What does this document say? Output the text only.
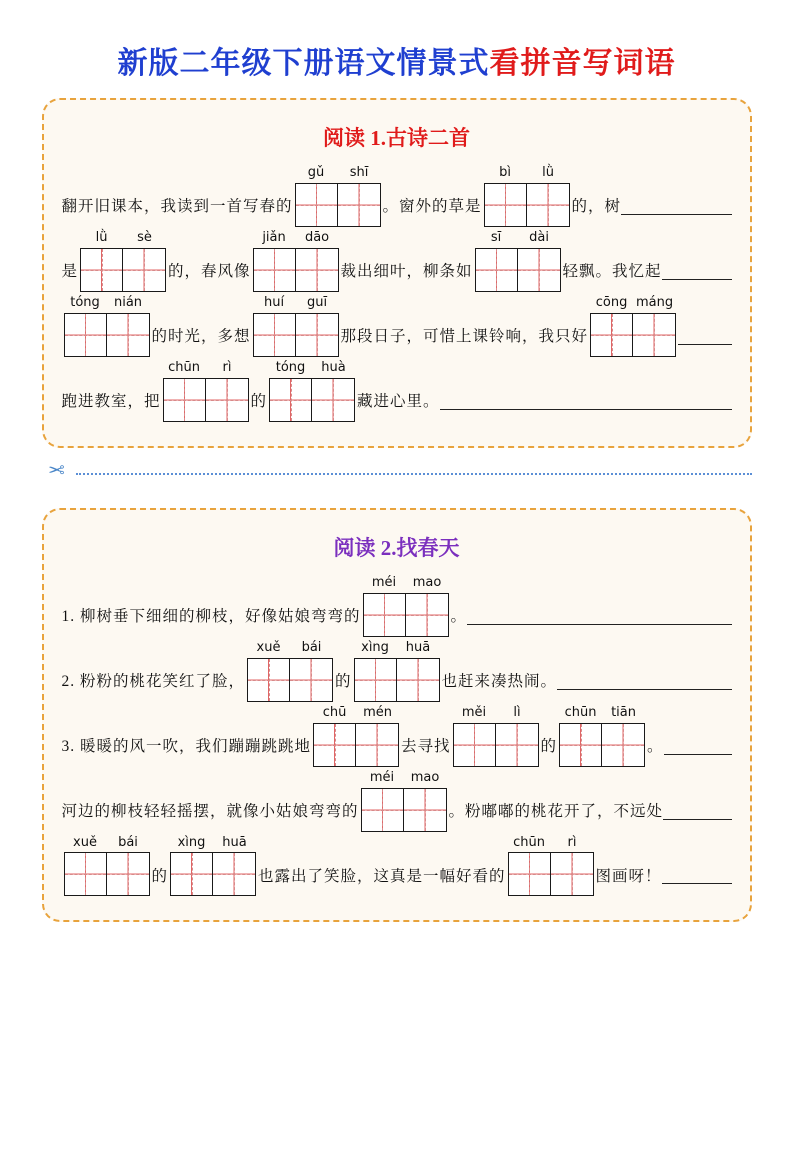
新版二年级下册语文情景式看拼音写词语
阅读 1.古诗二首
翻开旧课本，我读到一首写春的
gǔ	shī
。窗外的草是
bì	lǜ
的，树
是
lǜ	sè
的，春风像
jiǎn	dāo
裁出细叶，柳条如
sī	dài
轻飘。我忆起
tóng	nián
的时光，多想
huí	guī
那段日子，可惜上课铃响，我只好
cōng máng
跑进教室，把
chūn	rì
的
tóng	huà
藏进心里。
✂
阅读 2.找春天
1. 柳树垂下细细的柳枝，好像姑娘弯弯的
méi	mao
。
2. 粉粉的桃花笑红了脸，
xuě	bái
的
xìng	huā
也赶来凑热闹。
3. 暖暖的风一吹，我们蹦蹦跳跳地
chū	mén
去寻找
měi	lì
的
chūn	tiān
。
河边的柳枝轻轻摇摆，就像小姑娘弯弯的
méi	mao
。粉嘟嘟的桃花开了，不远处
xuě	bái
的
xìng	huā
也露出了笑脸，这真是一幅好看的
chūn	rì
图画呀！
